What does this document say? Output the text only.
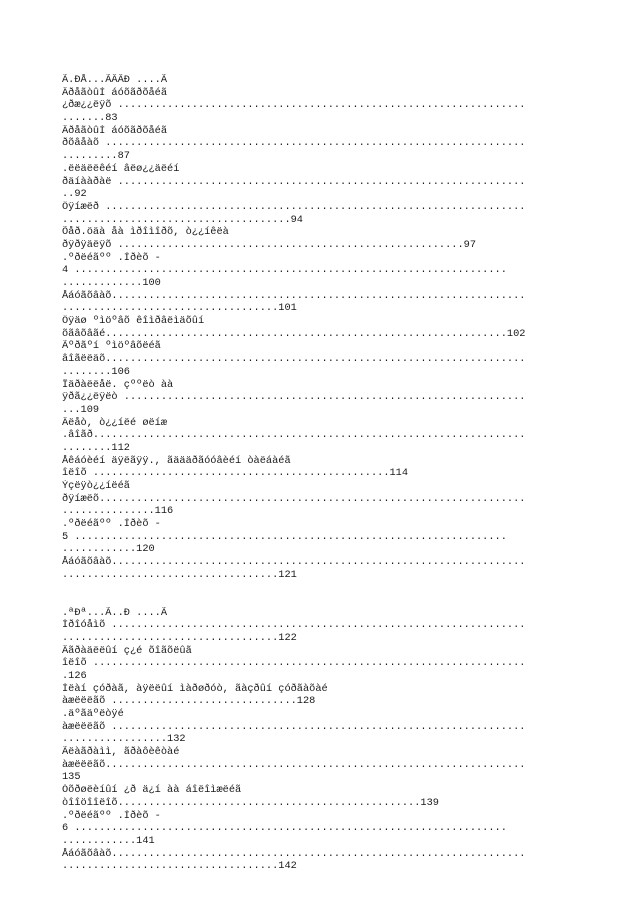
Ã.ÐÅ...ÃÂÂÐ ....Ã
ÂðåãòûÍ áóõãðõåéã
¿ðæ¿¿ëÿõ ..................................................................
.......83
ÂðåãòûÍ áóõãðõåéã
ðõâåàõ ....................................................................
.........87
.ëëäëëêéí âëø¿¿äëéí
ðäíààðàë ..................................................................
..92
Öÿíæëð ....................................................................
.....................................94
Õåð.öäà åà ìðîìîðõ, ò¿¿íêëà
ðÿðÿäëÿõ ........................................................97
.ºðëéãºº .Íðèõ -
4 ......................................................................
.............100
Åáóãõâàõ...................................................................
...................................101
Öÿäø ºìöºâõ êîìðâëìäõûí
õãâõâãé.................................................................102
Ãºðãºí ºìöºâõëéã
âîãëëäõ....................................................................
........106
Ïäðàëëåë. çººëò àà
ÿðã¿¿ëÿëò .................................................................
...109
Âëåò, ò¿¿íëé øëíæ
.âîãð......................................................................
........112
Åêáóèéí äÿëãÿÿ., ãäääðãóóâèéí òàëáàéã
îëîõ ................................................114
Ýçëÿò¿¿íëéã
ðÿíæëõ.....................................................................
...............116
.ºðëéãºº .Íðèõ -
5 ......................................................................
............120
Åáóãõâàõ...................................................................
...................................121
.ªÐª...Ã..Ð ....Ã
Ìðîóåìõ ...................................................................
...................................122
Äãðàäëëûí ç¿é õîãõëûã
îëîõ ......................................................................
.126
Ìëàí çóðàã, àÿëëûí ìàðøðóò, ãàçðûí çóðãàõàé
àæëëëãõ ..............................128
.äºãäºëòÿé
àæëëëãõ ...................................................................
.................132
Ãëàãðàìì, ãðàôèêòàé
àæëëëãõ....................................................................
135
Òõðøëèíûí ¿ð ä¿í àà áîëîìæëéã
òîîöîîëîõ.................................................139
.ºðëéãºº .Íðèõ -
6 ......................................................................
............141
Åáóãõâàõ...................................................................
...................................142
